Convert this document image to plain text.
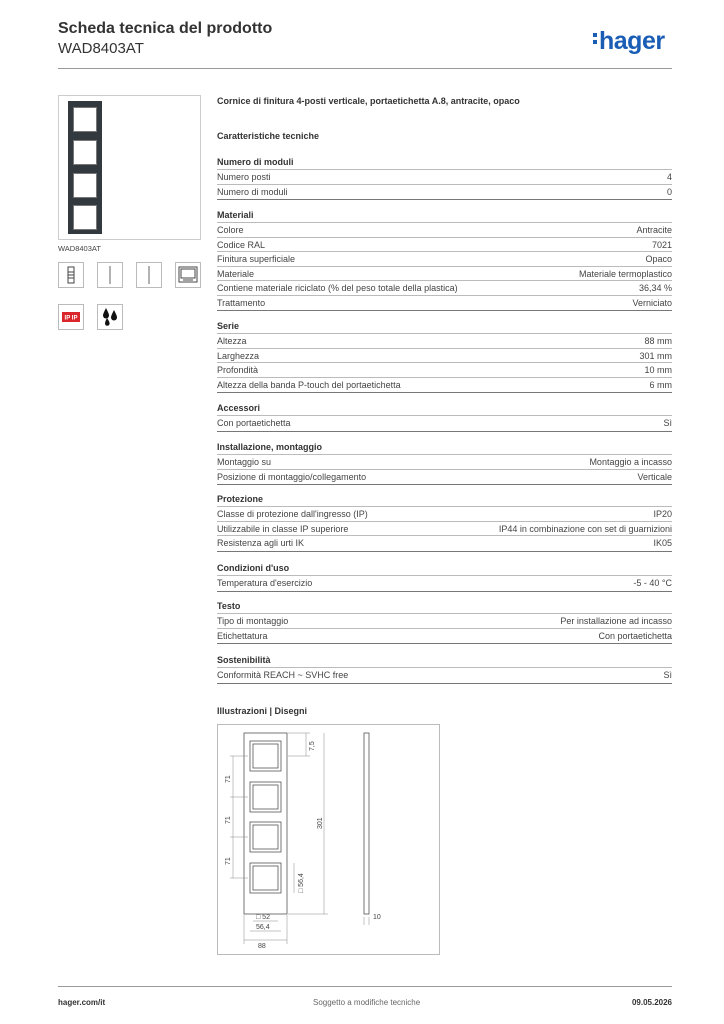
Scheda tecnica del prodotto
WAD8403AT	hager
WAD8403AT
IP IP
Cornice di finitura 4-posti verticale, portaetichetta A.8, antracite, opaco
Caratteristiche tecniche
Numero di moduli
Numero posti	4
Numero di moduli	0
Materiali
Colore	Antracite
Codice RAL	7021
Finitura superficiale	Opaco
Materiale	Materiale termoplastico
Contiene materiale riciclato (% del peso totale della plastica)	36,34 %
Trattamento	Verniciato
Serie
Altezza	88 mm
Larghezza	301 mm
Profondità	10 mm
Altezza della banda P-touch del portaetichetta	6 mm
Accessori
Con portaetichetta	Sì
Installazione, montaggio
Montaggio su	Montaggio a incasso
Posizione di montaggio/collegamento	Verticale
Protezione
Classe di protezione dall'ingresso (IP)	IP20
Utilizzabile in classe IP superiore	IP44 in combinazione con set di guarnizioni
Resistenza agli urti IK	IK05
Condizioni d'uso
Temperatura d'esercizio	-5 - 40 °C
Testo
Tipo di montaggio	Per installazione ad incasso
Etichettatura	Con portaetichetta
Sostenibilità
Conformità REACH ~ SVHC free	Sì
Illustrazioni | Disegni
7,5
71
71
71
301
□ 56,4
□ 52
56,4
88
10
hager.com/it	Soggetto a modifiche tecniche	09.05.2026
